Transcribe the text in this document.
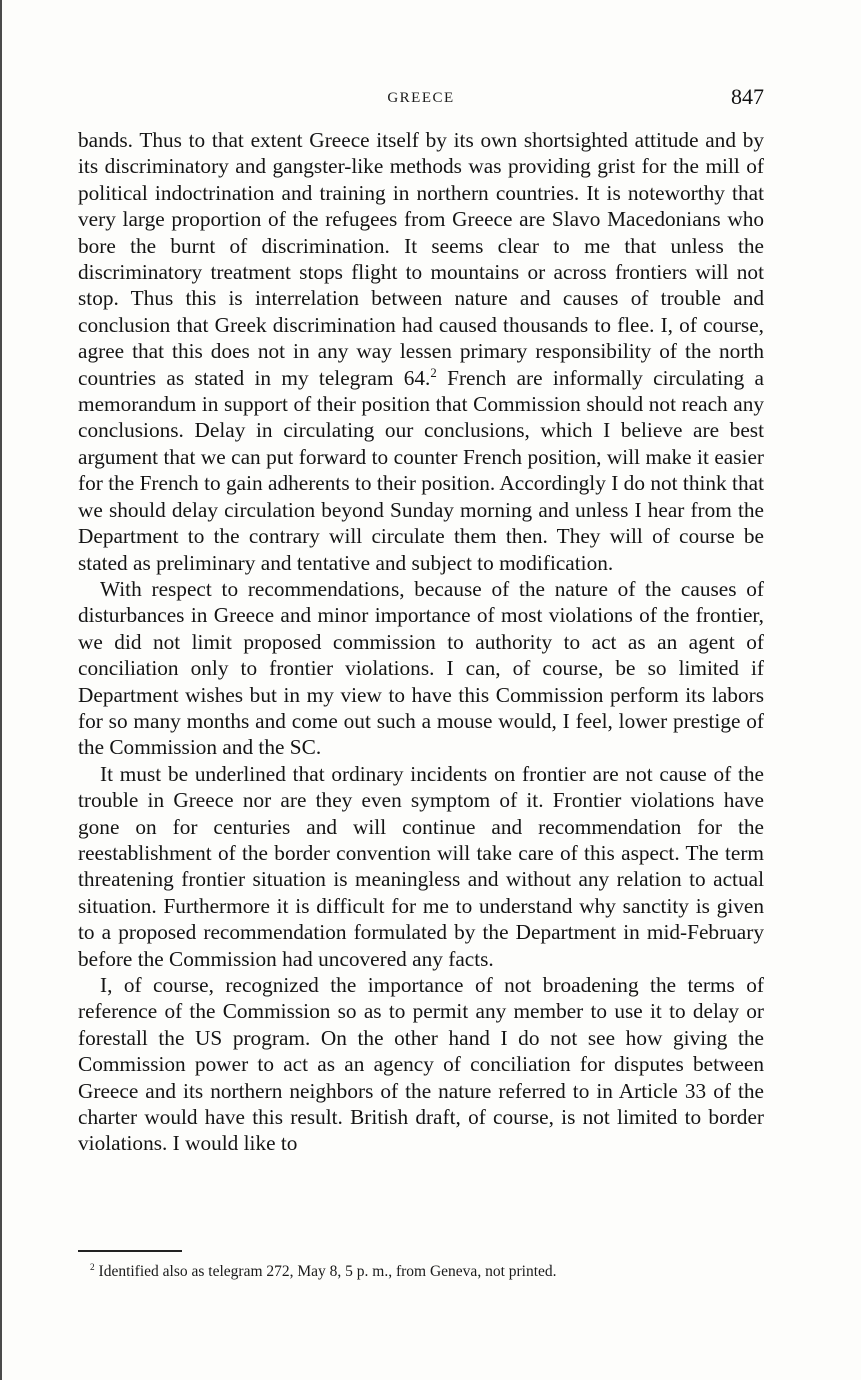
GREECE	847

bands. Thus to that extent Greece itself by its own shortsighted attitude and by its discriminatory and gangster-like methods was providing grist for the mill of political indoctrination and training in northern countries. It is noteworthy that very large proportion of the refugees from Greece are Slavo Macedonians who bore the burnt of discrimination. It seems clear to me that unless the discriminatory treatment stops flight to mountains or across frontiers will not stop. Thus this is interrelation between nature and causes of trouble and conclusion that Greek discrimination had caused thousands to flee. I, of course, agree that this does not in any way lessen primary responsibility of the north countries as stated in my telegram 64.$^2$ French are informally circulating a memorandum in support of their position that Commission should not reach any conclusions. Delay in circulating our conclusions, which I believe are best argument that we can put forward to counter French position, will make it easier for the French to gain adherents to their position. Accordingly I do not think that we should delay circulation beyond Sunday morning and unless I hear from the Department to the contrary will circulate them then. They will of course be stated as preliminary and tentative and subject to modification.

With respect to recommendations, because of the nature of the causes of disturbances in Greece and minor importance of most violations of the frontier, we did not limit proposed commission to authority to act as an agent of conciliation only to frontier violations. I can, of course, be so limited if Department wishes but in my view to have this Commission perform its labors for so many months and come out such a mouse would, I feel, lower prestige of the Commission and the SC.

It must be underlined that ordinary incidents on frontier are not cause of the trouble in Greece nor are they even symptom of it. Frontier violations have gone on for centuries and will continue and recommendation for the reestablishment of the border convention will take care of this aspect. The term threatening frontier situation is meaningless and without any relation to actual situation. Furthermore it is difficult for me to understand why sanctity is given to a proposed recommendation formulated by the Department in mid-February before the Commission had uncovered any facts.

I, of course, recognized the importance of not broadening the terms of reference of the Commission so as to permit any member to use it to delay or forestall the US program. On the other hand I do not see how giving the Commission power to act as an agency of conciliation for disputes between Greece and its northern neighbors of the nature referred to in Article 33 of the charter would have this result. British draft, of course, is not limited to border violations. I would like to

$^2$ Identified also as telegram 272, May 8, 5 p. m., from Geneva, not printed.
